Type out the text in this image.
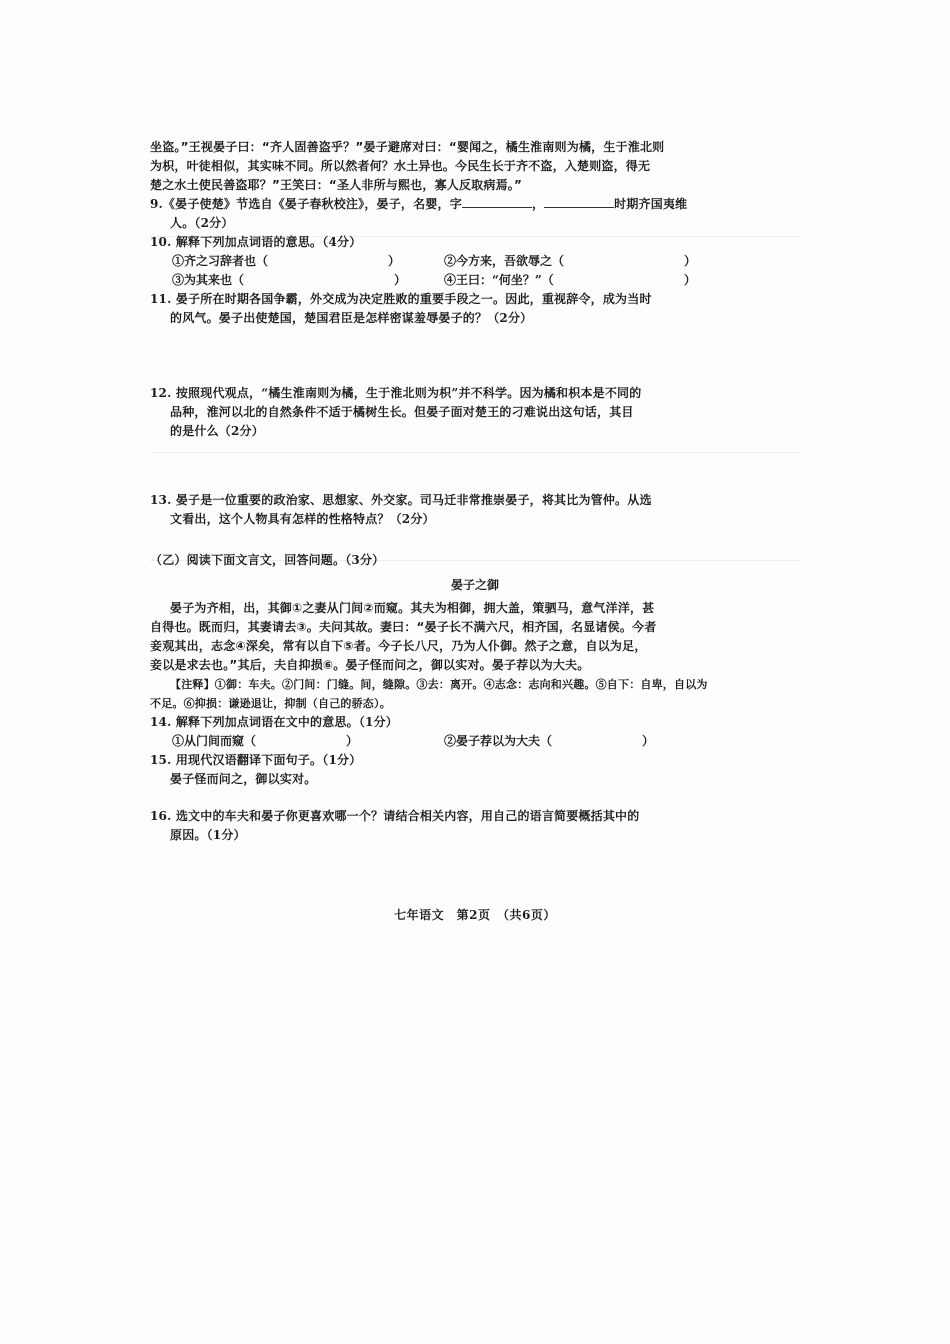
坐盗。”王视晏子曰：“齐人固善盗乎？”晏子避席对曰：“婴闻之，橘生淮南则为橘，生于淮北则
为枳，叶徒相似，其实味不同。所以然者何？水土异也。今民生长于齐不盗，入楚则盗，得无
楚之水土使民善盗耶？”王笑曰：“圣人非所与熙也，寡人反取病焉。”
9.《晏子使楚》节选自《晏子春秋校注》，晏子，名婴，字	，	时期齐国夷维
人。（2分）
10. 解释下列加点词语的意思。（4分）
①齐之习辞者也（	）	②今方来，吾欲辱之（	）
③为其来也（	）	④王曰：“何坐？”（	）
11. 晏子所在时期各国争霸，外交成为决定胜败的重要手段之一。因此，重视辞令，成为当时
的风气。晏子出使楚国，楚国君臣是怎样密谋羞辱晏子的？（2分）
12. 按照现代观点，“橘生淮南则为橘，生于淮北则为枳”并不科学。因为橘和枳本是不同的
品种，淮河以北的自然条件不适于橘树生长。但晏子面对楚王的刁难说出这句话，其目
的是什么（2分）
13. 晏子是一位重要的政治家、思想家、外交家。司马迁非常推崇晏子，将其比为管仲。从选
文看出，这个人物具有怎样的性格特点？（2分）
（乙）阅读下面文言文，回答问题。（3分）
晏子之御
晏子为齐相，出，其御①之妻从门间②而窥。其夫为相御，拥大盖，策驷马，意气洋洋，甚
自得也。既而归，其妻请去③。夫问其故。妻曰：“晏子长不满六尺，相齐国，名显诸侯。今者
妾观其出，志念④深矣，常有以自下⑤者。今子长八尺，乃为人仆御。然子之意，自以为足，
妾以是求去也。”其后，夫自抑损⑥。晏子怪而问之，御以实对。晏子荐以为大夫。
【注释】①御：车夫。②门间：门缝。间，缝隙。③去：离开。④志念：志向和兴趣。⑤自下：自卑，自以为
不足。⑥抑损：谦逊退让，抑制（自己的骄态）。
14. 解释下列加点词语在文中的意思。（1分）
①从门间而窥（	）	②晏子荐以为大夫（	）
15. 用现代汉语翻译下面句子。（1分）
晏子怪而问之，御以实对。
16. 选文中的车夫和晏子你更喜欢哪一个？请结合相关内容，用自己的语言简要概括其中的
原因。（1分）
七年语文　第2页　（共6页）
